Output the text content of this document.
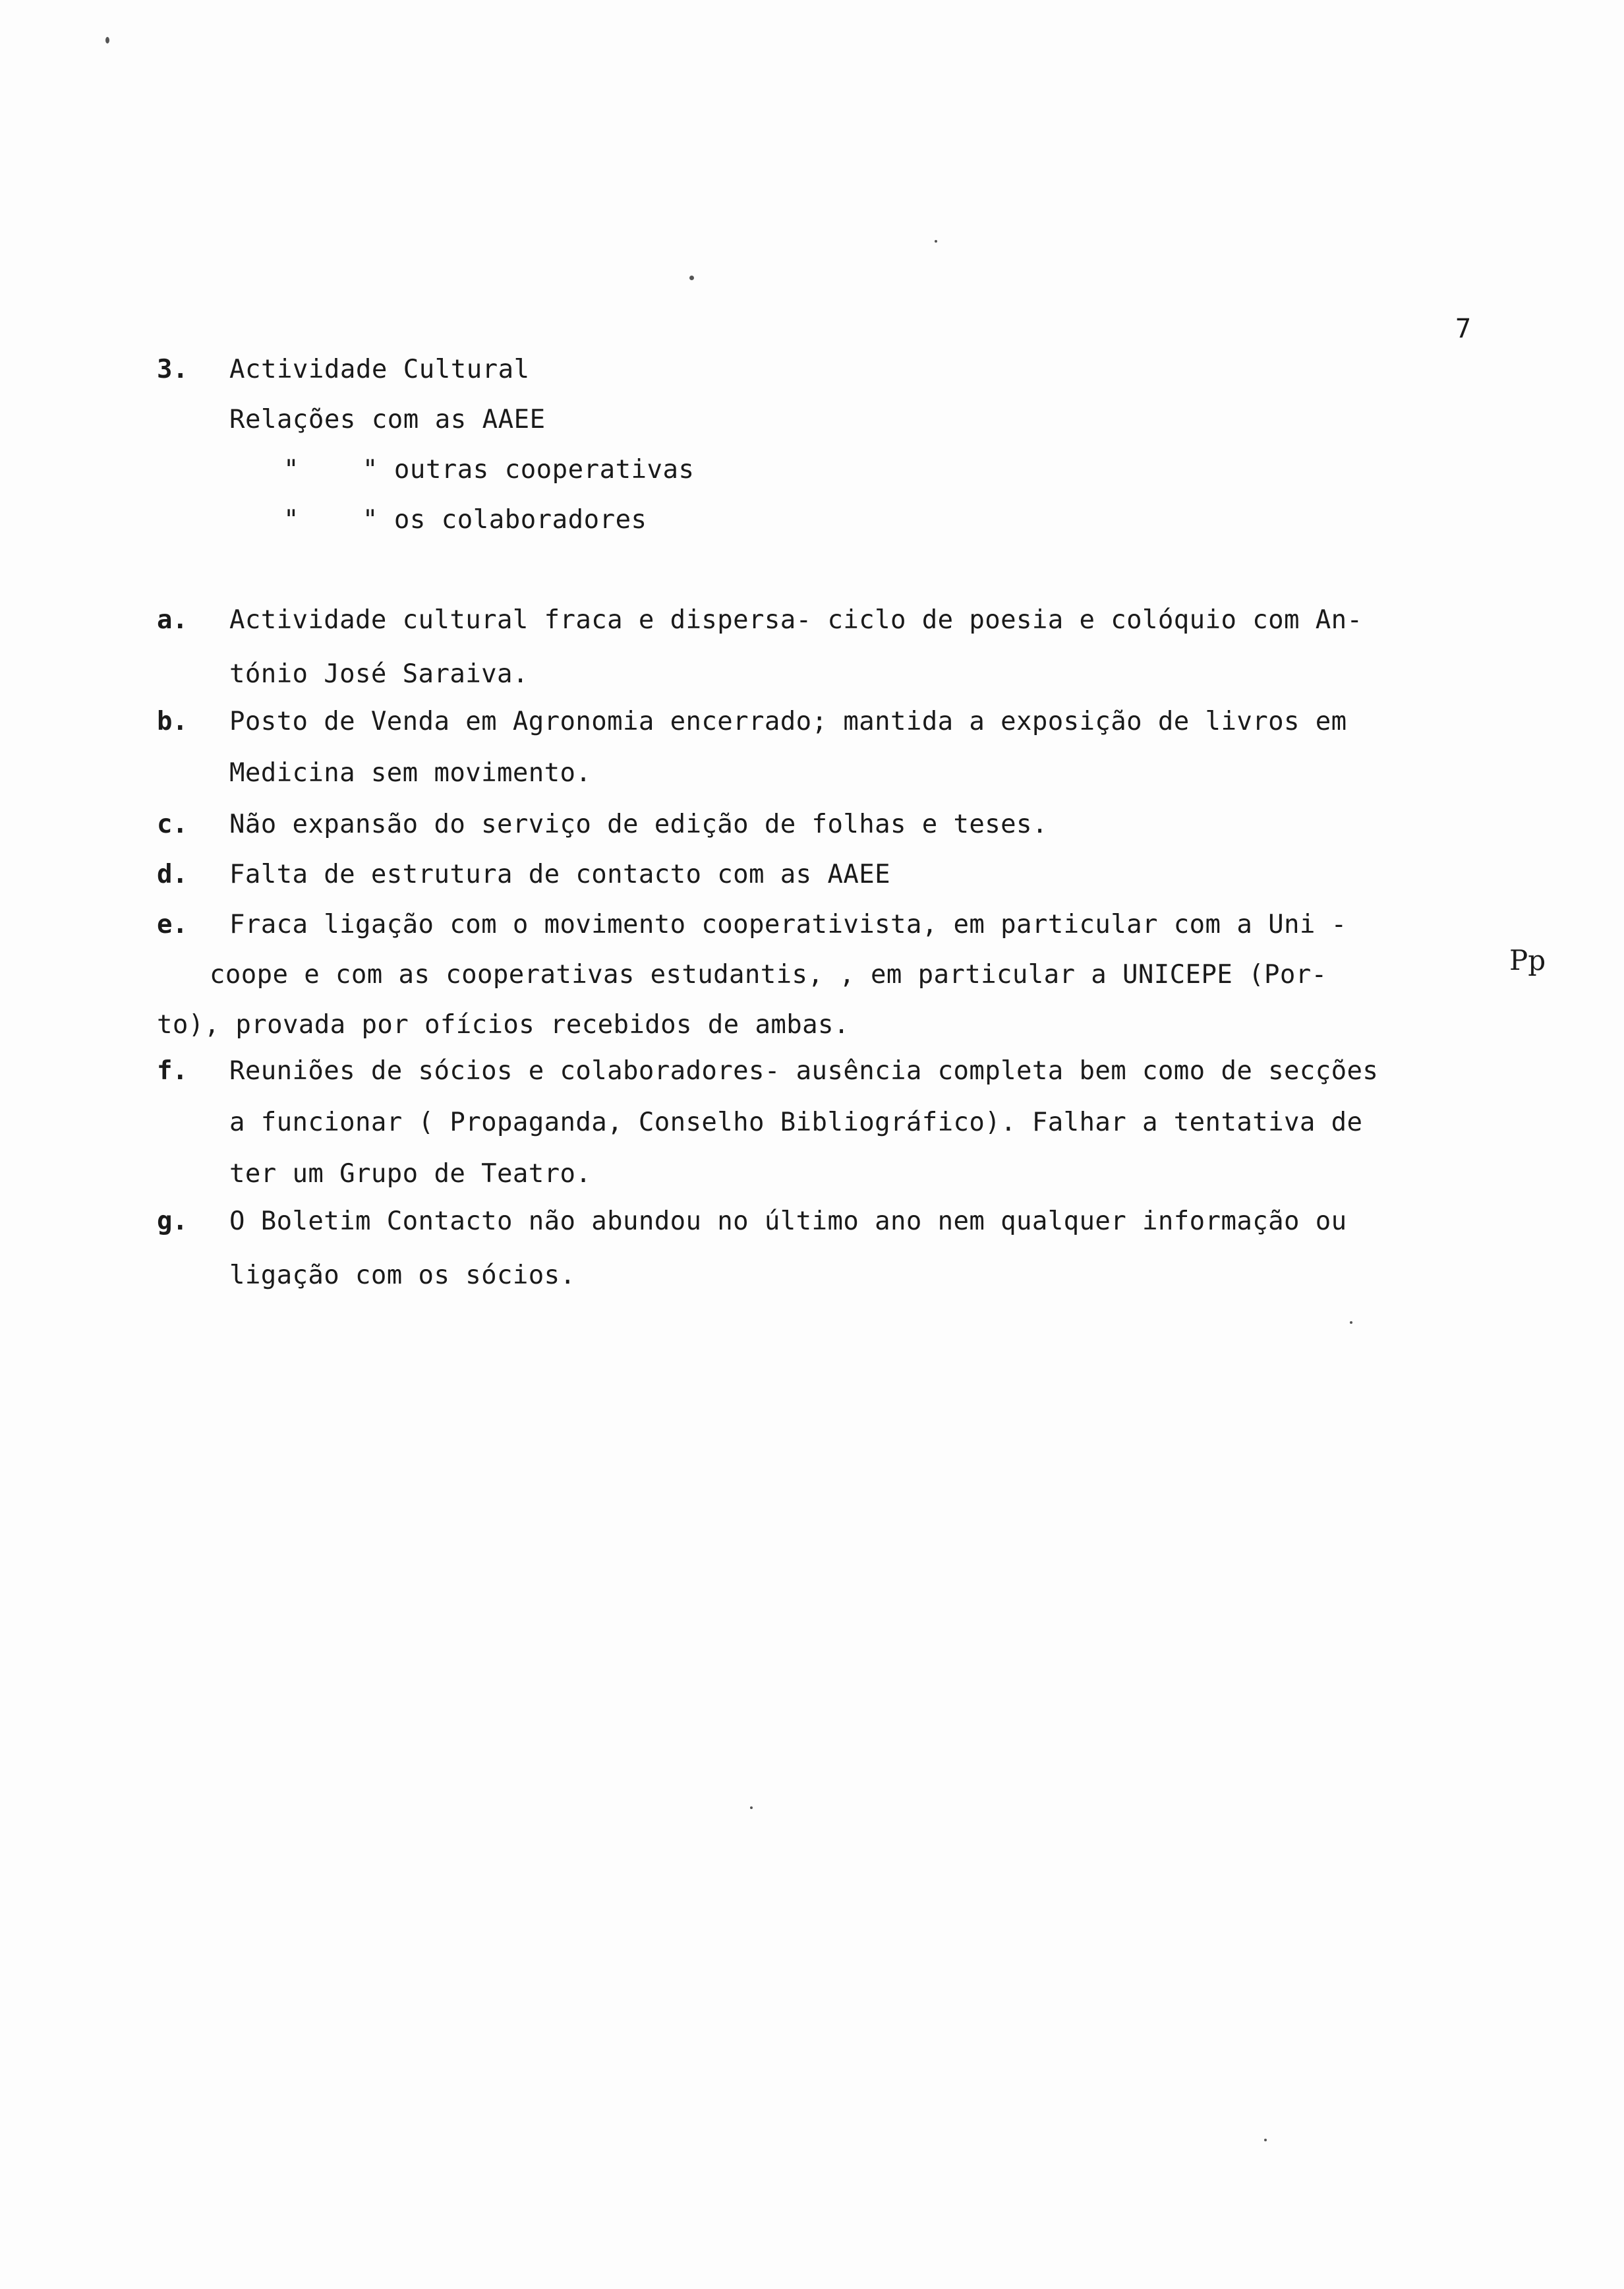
7
3. Actividade Cultural
Relações com as AAEE
"    " outras cooperativas
"    " os colaboradores
a. Actividade cultural fraca e dispersa- ciclo de poesia e colóquio com An-
tónio José Saraiva.
b. Posto de Venda em Agronomia encerrado; mantida a exposição de livros em
Medicina sem movimento.
c. Não expansão do serviço de edição de folhas e teses.
d. Falta de estrutura de contacto com as AAEE
e. Fraca ligação com o movimento cooperativista, em particular com a Uni -
coope e com as cooperativas estudantis, , em particular a UNICEPE (Por-
to), provada por ofícios recebidos de ambas.
f. Reuniões de sócios e colaboradores- ausência completa bem como de secções
a funcionar ( Propaganda, Conselho Bibliográfico). Falhar a tentativa de
ter um Grupo de Teatro.
g. O Boletim Contacto não abundou no último ano nem qualquer informação ou
ligação com os sócios.
Pp
